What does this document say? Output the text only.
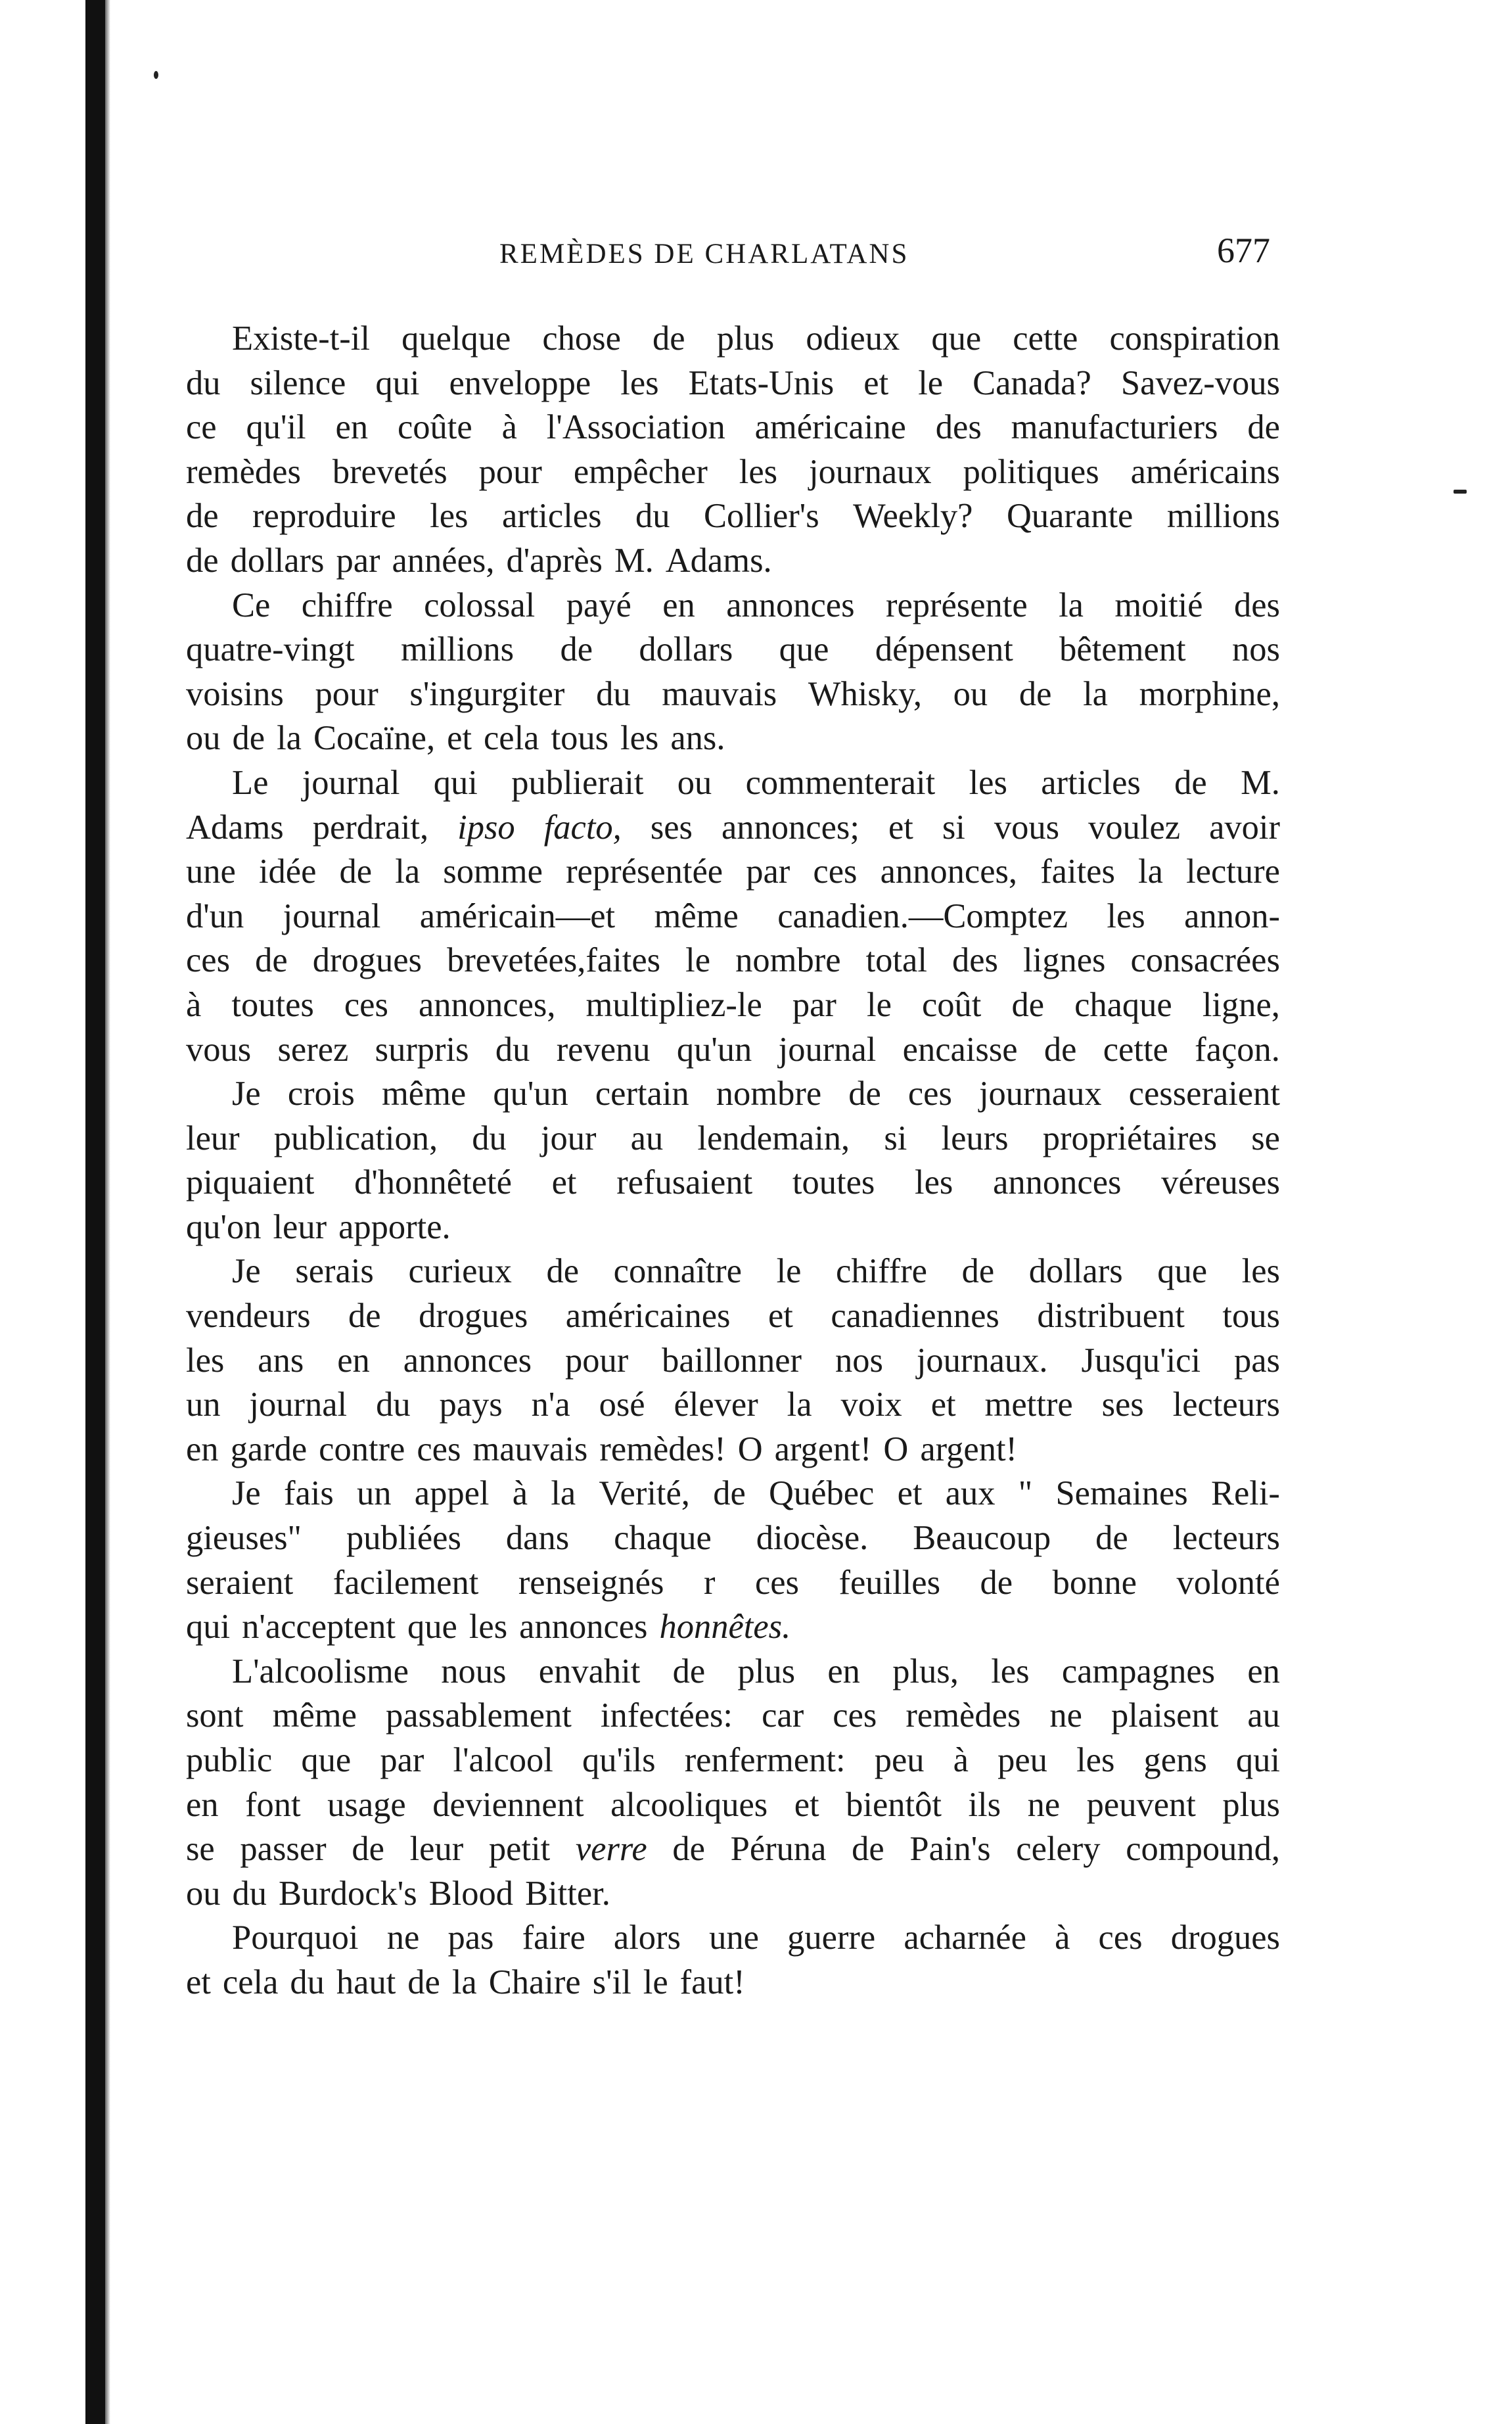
REMÈDES DE CHARLATANS	677
Existe-t-il quelque chose de plus odieux que cette conspiration
du silence qui enveloppe les Etats-Unis et le Canada? Savez-vous
ce qu'il en coûte à l'Association américaine des manufacturiers de
remèdes brevetés pour empêcher les journaux politiques américains
de reproduire les articles du Collier's Weekly? Quarante millions
de dollars par années, d'après M. Adams.
Ce chiffre colossal payé en annonces représente la moitié des
quatre-vingt millions de dollars que dépensent bêtement nos
voisins pour s'ingurgiter du mauvais Whisky, ou de la morphine,
ou de la Cocaïne, et cela tous les ans.
Le journal qui publierait ou commenterait les articles de M.
Adams perdrait, ipso facto, ses annonces; et si vous voulez avoir
une idée de la somme représentée par ces annonces, faites la lecture
d'un journal américain—et même canadien.—Comptez les annon-
ces de drogues brevetées,faites le nombre total des lignes consacrées
à toutes ces annonces, multipliez-le par le coût de chaque ligne,
vous serez surpris du revenu qu'un journal encaisse de cette façon.
Je crois même qu'un certain nombre de ces journaux cesseraient
leur publication, du jour au lendemain, si leurs propriétaires se
piquaient d'honnêteté et refusaient toutes les annonces véreuses
qu'on leur apporte.
Je serais curieux de connaître le chiffre de dollars que les
vendeurs de drogues américaines et canadiennes distribuent tous
les ans en annonces pour baillonner nos journaux. Jusqu'ici pas
un journal du pays n'a osé élever la voix et mettre ses lecteurs
en garde contre ces mauvais remèdes! O argent! O argent!
Je fais un appel à la Verité, de Québec et aux " Semaines Reli-
gieuses" publiées dans chaque diocèse. Beaucoup de lecteurs
seraient facilement renseignés r ces feuilles de bonne volonté
qui n'acceptent que les annonces honnêtes.
L'alcoolisme nous envahit de plus en plus, les campagnes en
sont même passablement infectées: car ces remèdes ne plaisent au
public que par l'alcool qu'ils renferment: peu à peu les gens qui
en font usage deviennent alcooliques et bientôt ils ne peuvent plus
se passer de leur petit verre de Péruna de Pain's celery compound,
ou du Burdock's Blood Bitter.
Pourquoi ne pas faire alors une guerre acharnée à ces drogues
et cela du haut de la Chaire s'il le faut!
